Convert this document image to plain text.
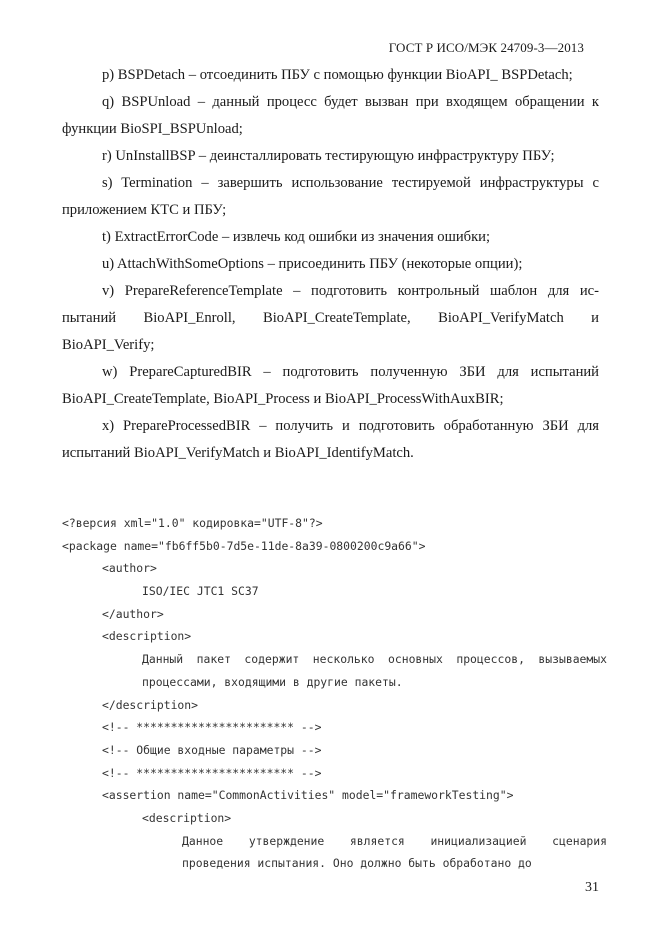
ГОСТ Р ИСО/МЭК 24709-3—2013

p) BSPDetach – отсоединить ПБУ с помощью функции BioAPI_ BSPDetach;

q) BSPUnload – данный процесс будет вызван при входящем обращении к функции BioSPI_BSPUnload;

r) UnInstallBSP – деинсталлировать тестирующую инфраструктуру ПБУ;

s) Termination – завершить использование тестируемой инфраструктуры с приложением КТС и ПБУ;

t) ExtractErrorCode – извлечь код ошибки из значения ошибки;

u) AttachWithSomeOptions – присоединить ПБУ (некоторые опции);

v) PrepareReferenceTemplate – подготовить контрольный шаблон для испытаний BioAPI_Enroll, BioAPI_CreateTemplate, BioAPI_VerifyMatch и BioAPI_Verify;

w) PrepareCapturedBIR – подготовить полученную ЗБИ для испытаний BioAPI_CreateTemplate, BioAPI_Process и BioAPI_ProcessWithAuxBIR;

x) PrepareProcessedBIR – получить и подготовить обработанную ЗБИ для испытаний BioAPI_VerifyMatch и BioAPI_IdentifyMatch.

<?версия xml="1.0" кодировка="UTF-8"?>
<package name="fb6ff5b0-7d5e-11de-8a39-0800200c9a66">
<author>
ISO/IEC JTC1 SC37
</author>
<description>
Данный пакет содержит несколько основных процессов, вызываемых процессами, входящими в другие пакеты.
</description>
<!-- *********************** -->
<!-- Общие входные параметры -->
<!-- *********************** -->
<assertion name="CommonActivities" model="frameworkTesting">
<description>
Данное утверждение является инициализацией сценария проведения испытания. Оно должно быть обработано до
31
